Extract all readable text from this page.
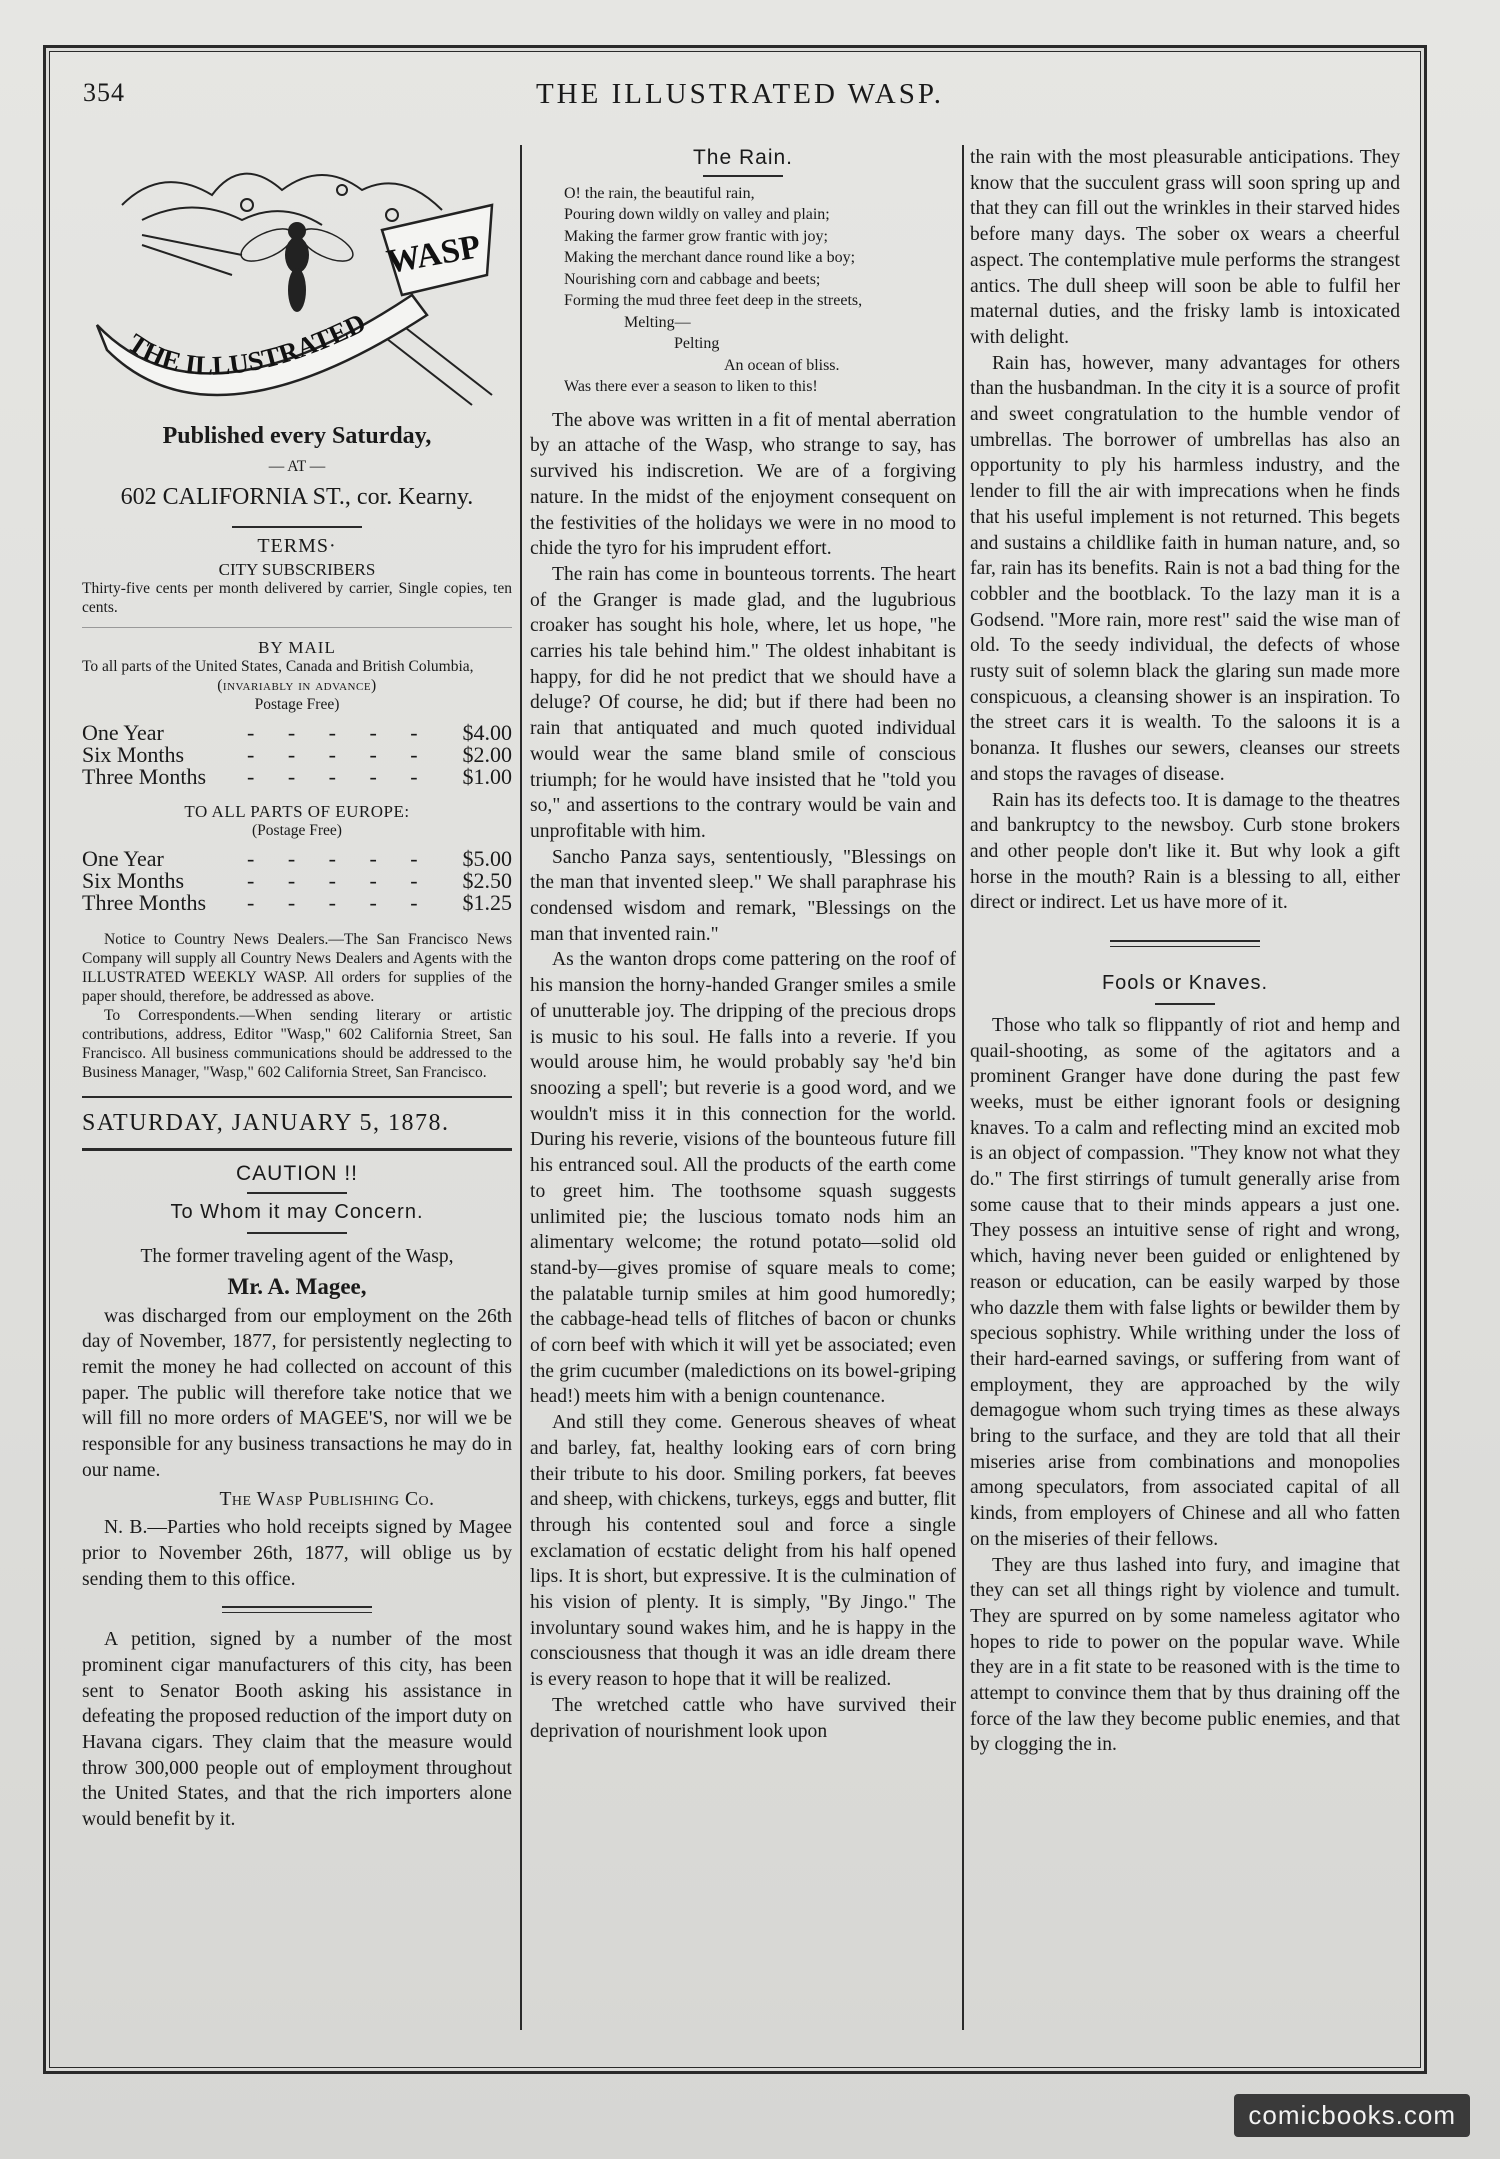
354	THE ILLUSTRATED WASP.
WASP
THE ILLUSTRATED
Published every Saturday,
— AT —
602 CALIFORNIA ST., cor. Kearny.
TERMS·
CITY SUBSCRIBERS
Thirty-five cents per month delivered by carrier, Single copies, ten cents.
BY MAIL
To all parts of the United States, Canada and British Columbia,
(invariably in advance)
Postage Free)
One Year	- - - - -	$4.00
Six Months	- - - - -	$2.00
Three Months	- - - - -	$1.00
TO ALL PARTS OF EUROPE:
(Postage Free)
One Year	- - - - -	$5.00
Six Months	- - - - -	$2.50
Three Months	- - - - -	$1.25

Notice to Country News Dealers.—The San Francisco News Company will supply all Country News Dealers and Agents with the ILLUSTRATED WEEKLY WASP. All orders for supplies of the paper should, therefore, be addressed as above.

To Correspondents.—When sending literary or artistic contributions, address, Editor "Wasp," 602 California Street, San Francisco. All business communications should be addressed to the Business Manager, "Wasp," 602 California Street, San Francisco.

SATURDAY, JANUARY 5, 1878.
CAUTION !!
To Whom it may Concern.

The former traveling agent of the Wasp,

Mr. A. Magee,

was discharged from our employment on the 26th day of November, 1877, for persistently neglecting to remit the money he had collected on account of this paper. The public will therefore take notice that we will fill no more orders of MAGEE'S, nor will we be responsible for any business transactions he may do in our name.

The Wasp Publishing Co.

N. B.—Parties who hold receipts signed by Magee prior to November 26th, 1877, will oblige us by sending them to this office.

A petition, signed by a number of the most prominent cigar manufacturers of this city, has been sent to Senator Booth asking his assistance in defeating the proposed reduction of the import duty on Havana cigars. They claim that the measure would throw 300,000 people out of employment throughout the United States, and that the rich importers alone would benefit by it.

The Rain.
O! the rain, the beautiful rain,
Pouring down wildly on valley and plain;
Making the farmer grow frantic with joy;
Making the merchant dance round like a boy;
Nourishing corn and cabbage and beets;
Forming the mud three feet deep in the streets,
Melting—
Pelting
An ocean of bliss.
Was there ever a season to liken to this!

The above was written in a fit of mental aberration by an attache of the Wasp, who strange to say, has survived his indiscretion. We are of a forgiving nature. In the midst of the enjoyment consequent on the festivities of the holidays we were in no mood to chide the tyro for his imprudent effort.

The rain has come in bounteous torrents. The heart of the Granger is made glad, and the lugubrious croaker has sought his hole, where, let us hope, "he carries his tale behind him." The oldest inhabitant is happy, for did he not predict that we should have a deluge? Of course, he did; but if there had been no rain that antiquated and much quoted individual would wear the same bland smile of conscious triumph; for he would have insisted that he "told you so," and assertions to the contrary would be vain and unprofitable with him.

Sancho Panza says, sententiously, "Blessings on the man that invented sleep." We shall paraphrase his condensed wisdom and remark, "Blessings on the man that invented rain."

As the wanton drops come pattering on the roof of his mansion the horny-handed Granger smiles a smile of unutterable joy. The dripping of the precious drops is music to his soul. He falls into a reverie. If you would arouse him, he would probably say 'he'd bin snoozing a spell'; but reverie is a good word, and we wouldn't miss it in this connection for the world. During his reverie, visions of the bounteous future fill his entranced soul. All the products of the earth come to greet him. The toothsome squash suggests unlimited pie; the luscious tomato nods him an alimentary welcome; the rotund potato—solid old stand-by—gives promise of square meals to come; the palatable turnip smiles at him good humoredly; the cabbage-head tells of flitches of bacon or chunks of corn beef with which it will yet be associated; even the grim cucumber (maledictions on its bowel-griping head!) meets him with a benign countenance.

And still they come. Generous sheaves of wheat and barley, fat, healthy looking ears of corn bring their tribute to his door. Smiling porkers, fat beeves and sheep, with chickens, turkeys, eggs and butter, flit through his contented soul and force a single exclamation of ecstatic delight from his half opened lips. It is short, but expressive. It is the culmination of his vision of plenty. It is simply, "By Jingo." The involuntary sound wakes him, and he is happy in the consciousness that though it was an idle dream there is every reason to hope that it will be realized.

The wretched cattle who have survived their deprivation of nourishment look upon

the rain with the most pleasurable anticipations. They know that the succulent grass will soon spring up and that they can fill out the wrinkles in their starved hides before many days. The sober ox wears a cheerful aspect. The contemplative mule performs the strangest antics. The dull sheep will soon be able to fulfil her maternal duties, and the frisky lamb is intoxicated with delight.

Rain has, however, many advantages for others than the husbandman. In the city it is a source of profit and sweet congratulation to the humble vendor of umbrellas. The borrower of umbrellas has also an opportunity to ply his harmless industry, and the lender to fill the air with imprecations when he finds that his useful implement is not returned. This begets and sustains a childlike faith in human nature, and, so far, rain has its benefits. Rain is not a bad thing for the cobbler and the bootblack. To the lazy man it is a Godsend. "More rain, more rest" said the wise man of old. To the seedy individual, the defects of whose rusty suit of solemn black the glaring sun made more conspicuous, a cleansing shower is an inspiration. To the street cars it is wealth. To the saloons it is a bonanza. It flushes our sewers, cleanses our streets and stops the ravages of disease.

Rain has its defects too. It is damage to the theatres and bankruptcy to the newsboy. Curb stone brokers and other people don't like it. But why look a gift horse in the mouth? Rain is a blessing to all, either direct or indirect. Let us have more of it.

Fools or Knaves.

Those who talk so flippantly of riot and hemp and quail-shooting, as some of the agitators and a prominent Granger have done during the past few weeks, must be either ignorant fools or designing knaves. To a calm and reflecting mind an excited mob is an object of compassion. "They know not what they do." The first stirrings of tumult generally arise from some cause that to their minds appears a just one. They possess an intuitive sense of right and wrong, which, having never been guided or enlightened by reason or education, can be easily warped by those who dazzle them with false lights or bewilder them by specious sophistry. While writhing under the loss of their hard-earned savings, or suffering from want of employment, they are approached by the wily demagogue whom such trying times as these always bring to the surface, and they are told that all their miseries arise from combinations and monopolies among speculators, from associated capital of all kinds, from employers of Chinese and all who fatten on the miseries of their fellows.

They are thus lashed into fury, and imagine that they can set all things right by violence and tumult. They are spurred on by some nameless agitator who hopes to ride to power on the popular wave. While they are in a fit state to be reasoned with is the time to attempt to convince them that by thus draining off the force of the law they become public enemies, and that by clogging the in.

comicbooks.com
